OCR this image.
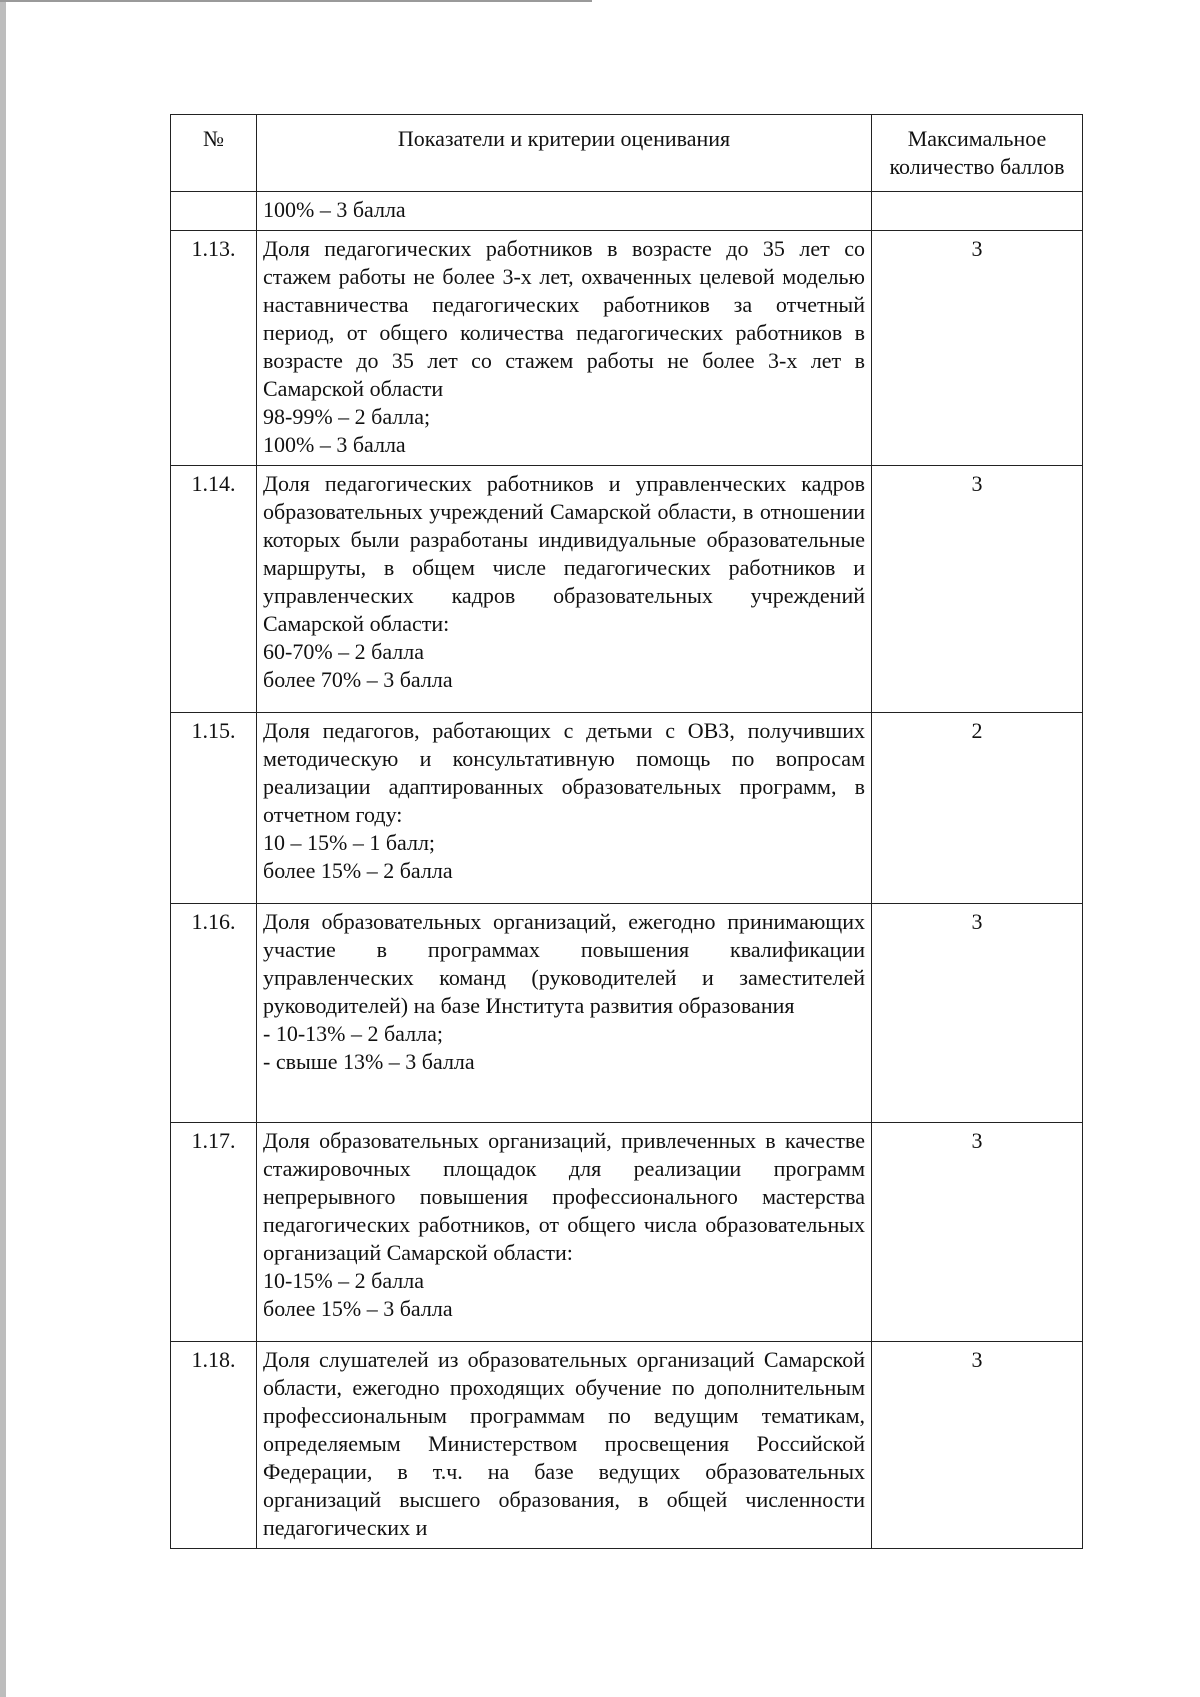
№	Показатели и критерии оценивания	Максимальное количество баллов

	100% – 3 балла	

1.13.	Доля педагогических работников в возрасте до 35 лет со стажем работы не более 3-х лет, охваченных целевой моделью наставничества педагогических работников за отчетный период, от общего количества педагогических работников в возрасте до 35 лет со стажем работы не более 3-х лет в Самарской области
98-99% – 2 балла;
100% – 3 балла	3
1.14.	Доля педагогических работников и управленческих кадров образовательных учреждений Самарской области, в отношении которых были разработаны индивидуальные образовательные маршруты, в общем числе педагогических работников и управленческих кадров образовательных учреждений Самарской области:
60-70% – 2 балла
более 70% – 3 балла	3
1.15.	Доля педагогов, работающих с детьми с ОВЗ, получивших методическую и консультативную помощь по вопросам реализации адаптированных образовательных программ, в отчетном году:
10 – 15% – 1 балл;
более 15% – 2 балла	2
1.16.	Доля образовательных организаций, ежегодно принимающих участие в программах повышения квалификации управленческих команд (руководителей и заместителей руководителей) на базе Института развития образования
- 10-13% – 2 балла;
- свыше 13% – 3 балла	3
1.17.	Доля образовательных организаций, привлеченных в качестве стажировочных площадок для реализации программ непрерывного повышения профессионального мастерства педагогических работников, от общего числа образовательных организаций Самарской области:
10-15% – 2 балла
более 15% – 3 балла	3
1.18.	Доля слушателей из образовательных организаций Самарской области, ежегодно проходящих обучение по дополнительным профессиональным программам по ведущим тематикам, определяемым Министерством просвещения Российской Федерации, в т.ч. на базе ведущих образовательных организаций высшего образования, в общей численности педагогических и	3
